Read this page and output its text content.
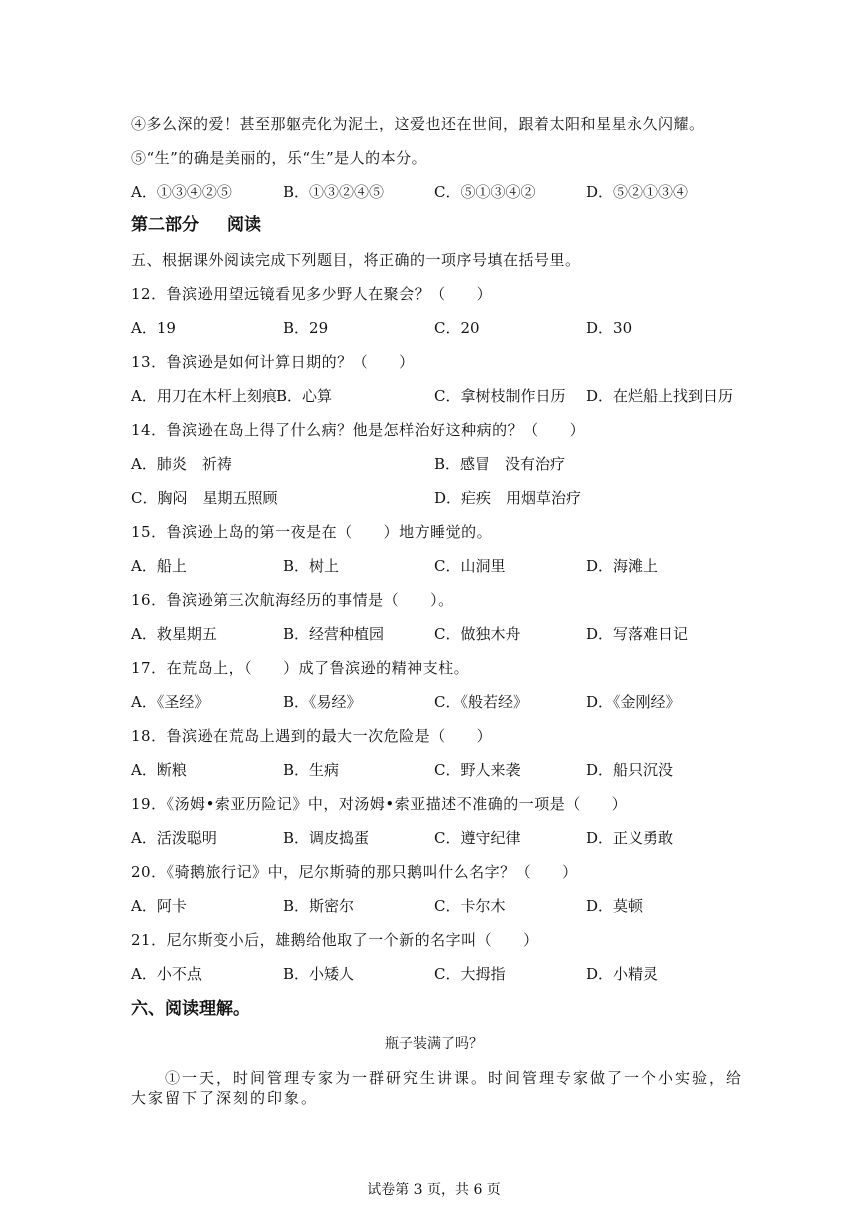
④多么深的爱！甚至那躯壳化为泥土，这爱也还在世间，跟着太阳和星星永久闪耀。
⑤“生”的确是美丽的，乐“生”是人的本分。
A．①③④②⑤	B．①③②④⑤	C．⑤①③④②	D．⑤②①③④
第二部分 阅读
五、根据课外阅读完成下列题目，将正确的一项序号填在括号里。
12．鲁滨逊用望远镜看见多少野人在聚会？（　　）
A．19	B．29	C．20	D．30
13．鲁滨逊是如何计算日期的？（　　）
A．用刀在木杆上刻痕 B．心算	C．拿树枝制作日历 D．在烂船上找到日历
14．鲁滨逊在岛上得了什么病？他是怎样治好这种病的？（　　）
A．肺炎　祈祷	B．感冒　没有治疗
C．胸闷　星期五照顾	D．疟疾　用烟草治疗
15．鲁滨逊上岛的第一夜是在（　　）地方睡觉的。
A．船上	B．树上	C．山洞里	D．海滩上
16．鲁滨逊第三次航海经历的事情是（　　）。
A．救星期五	B．经营种植园	C．做独木舟	D．写落难日记
17．在荒岛上，（　　）成了鲁滨逊的精神支柱。
A．《圣经》	B．《易经》	C．《般若经》	D．《金刚经》
18．鲁滨逊在荒岛上遇到的最大一次危险是（　　）
A．断粮	B．生病	C．野人来袭	D．船只沉没
19．《汤姆•索亚历险记》中，对汤姆•索亚描述不准确的一项是（　　）
A．活泼聪明	B．调皮捣蛋	C．遵守纪律	D．正义勇敢
20．《骑鹅旅行记》中，尼尔斯骑的那只鹅叫什么名字？（　　）
A．阿卡	B．斯密尔	C．卡尔木	D．莫顿
21．尼尔斯变小后，雄鹅给他取了一个新的名字叫（　　）
A．小不点	B．小矮人	C．大拇指	D．小精灵
六、阅读理解。
瓶子装满了吗？
①一天，时间管理专家为一群研究生讲课。时间管理专家做了一个小实验，给大家留下了深刻的印象。
试卷第 3 页，共 6 页
